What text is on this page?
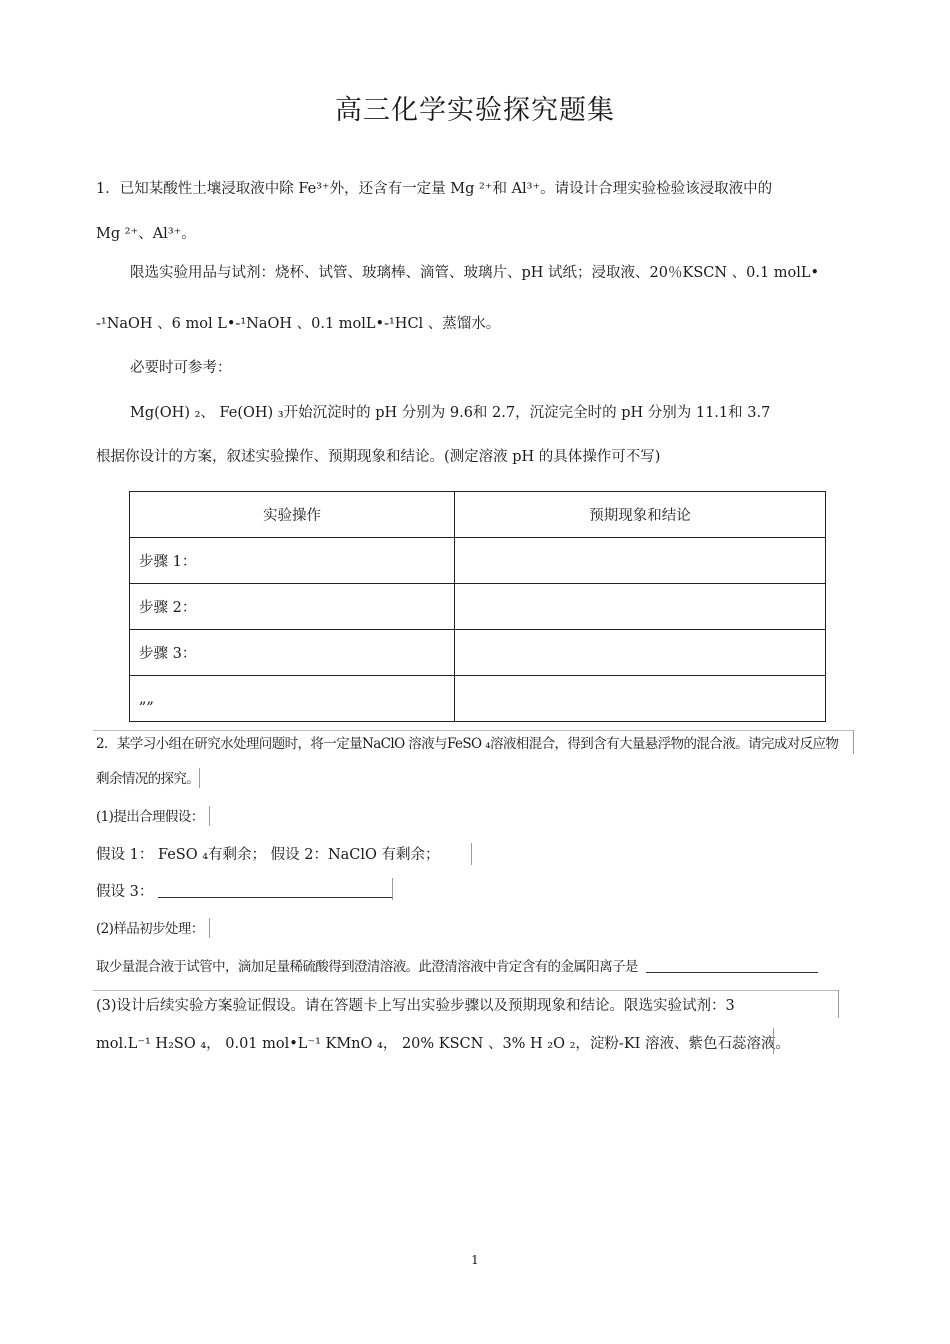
高三化学实验探究题集
1．已知某酸性土壤浸取液中除 Fe³⁺外，还含有一定量 Mg ²⁺和 Al³⁺。请设计合理实验检验该浸取液中的
Mg ²⁺、Al³⁺。
限选实验用品与试剂：烧杯、试管、玻璃棒、滴管、玻璃片、pH 试纸；浸取液、20％KSCN 、0.1 molL•
-¹NaOH 、6 mol L•-¹NaOH 、0.1 molL•-¹HCl 、蒸馏水。
必要时可参考：
Mg(OH) ₂、 Fe(OH) ₃开始沉淀时的 pH 分别为 9.6和 2.7，沉淀完全时的 pH 分别为 11.1和 3.7
根据你设计的方案，叙述实验操作、预期现象和结论。(测定溶液 pH 的具体操作可不写)
实验操作	预期现象和结论
步骤 1：	
步骤 2：	
步骤 3：	
„„	
2．某学习小组在研究水处理问题时，将一定量NaClO 溶液与FeSO ₄溶液相混合，得到含有大量悬浮物的混合液。请完成对反应物
剩余情况的探究。
(1)提出合理假设：
假设 1： FeSO ₄有剩余； 假设 2：NaClO 有剩余；
假设 3：
(2)样品初步处理：
取少量混合液于试管中，滴加足量稀硫酸得到澄清溶液。此澄清溶液中肯定含有的金属阳离子是
(3)设计后续实验方案验证假设。请在答题卡上写出实验步骤以及预期现象和结论。限选实验试剂：3
mol.L⁻¹ H₂SO ₄， 0.01 mol•L⁻¹ KMnO ₄， 20% KSCN 、3% H ₂O ₂，淀粉-KI 溶液、紫色石蕊溶液。
1
